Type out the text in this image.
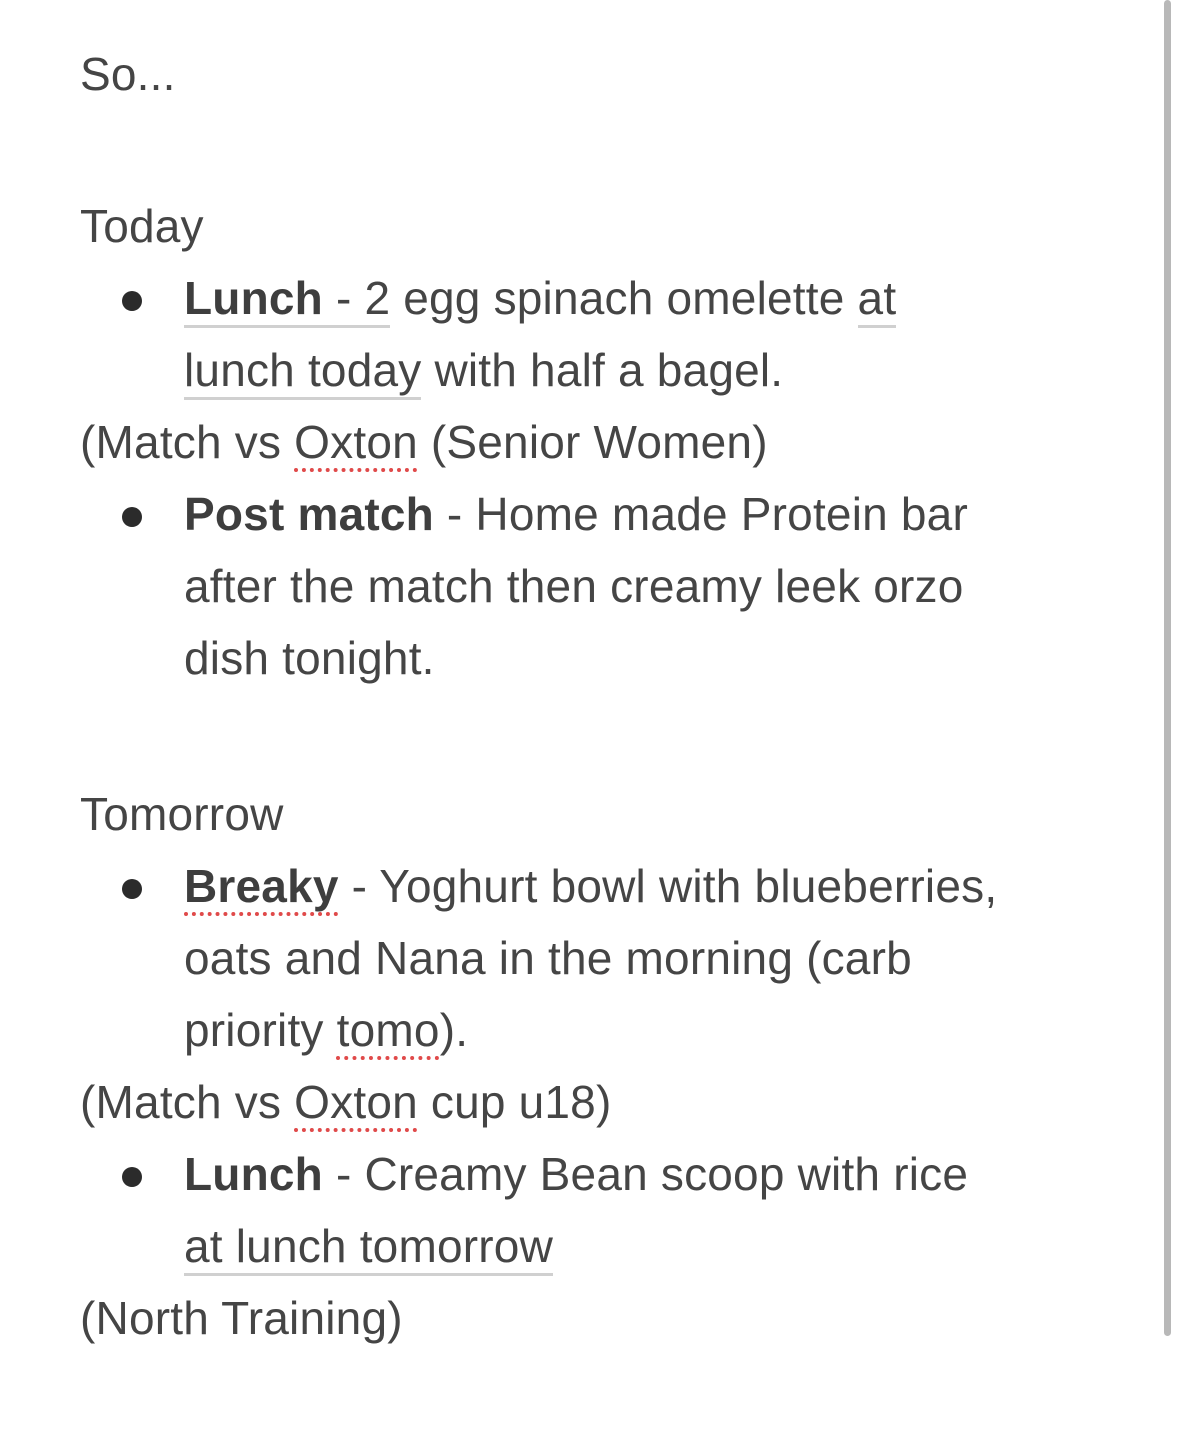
So...
Today
Lunch - 2 egg spinach omelette at
lunch today with half a bagel.
(Match vs Oxton (Senior Women)
Post match - Home made Protein bar
after the match then creamy leek orzo
dish tonight.
Tomorrow
Breaky - Yoghurt bowl with blueberries,
oats and Nana in the morning (carb
priority tomo).
(Match vs Oxton cup u18)
Lunch - Creamy Bean scoop with rice
at lunch tomorrow
(North Training)
